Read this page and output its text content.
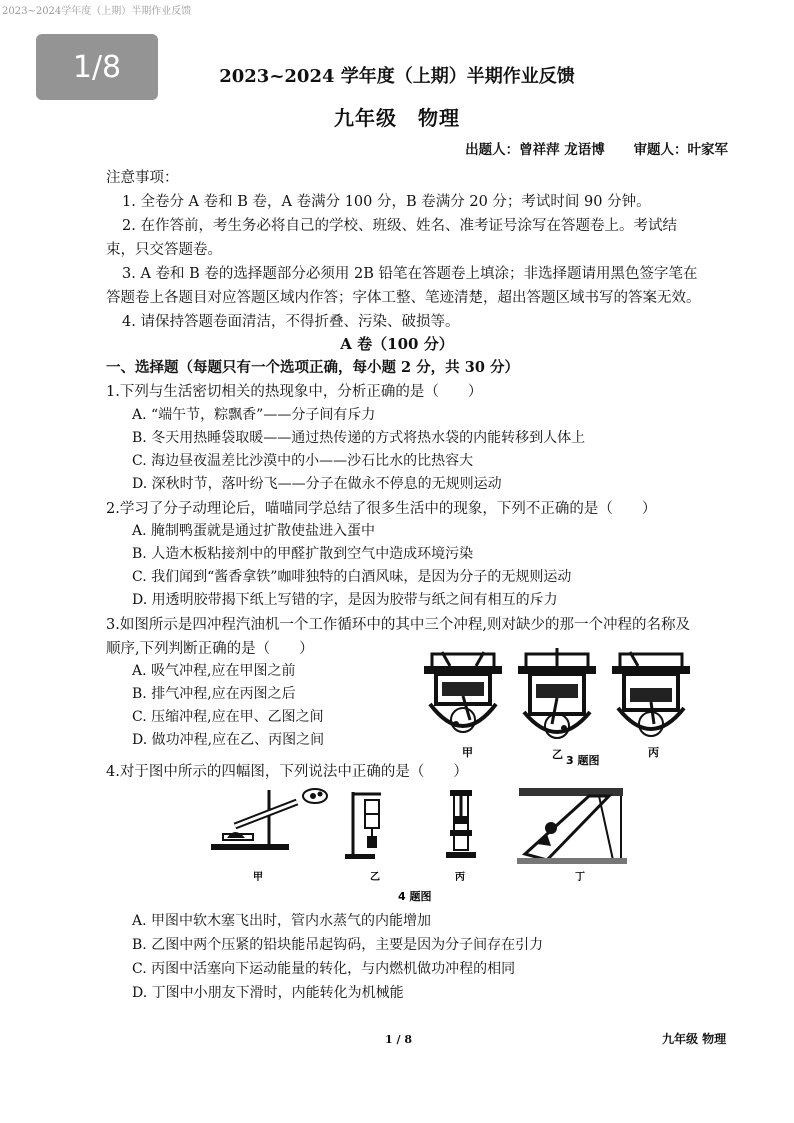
2023~2024学年度（上期）半期作业反馈
1/8	2023~2024 学年度（上期）半期作业反馈
九年级　物理
出题人：曾祥萍 龙语博 审题人：叶家军
注意事项：
1. 全卷分 A 卷和 B 卷，A 卷满分 100 分，B 卷满分 20 分；考试时间 90 分钟。
2. 在作答前，考生务必将自己的学校、班级、姓名、准考证号涂写在答题卷上。考试结
束，只交答题卷。
3. A 卷和 B 卷的选择题部分必须用 2B 铅笔在答题卷上填涂；非选择题请用黑色签字笔在
答题卷上各题目对应答题区域内作答；字体工整、笔迹清楚，超出答题区域书写的答案无效。
4. 请保持答题卷面清洁，不得折叠、污染、破损等。
A 卷（100 分）
一、选择题（每题只有一个选项正确，每小题 2 分，共 30 分）
1.下列与生活密切相关的热现象中，分析正确的是（　　）
A. “端午节，粽飘香”——分子间有斥力
B. 冬天用热睡袋取暖——通过热传递的方式将热水袋的内能转移到人体上
C. 海边昼夜温差比沙漠中的小——沙石比水的比热容大
D. 深秋时节，落叶纷飞——分子在做永不停息的无规则运动
2.学习了分子动理论后，喵喵同学总结了很多生活中的现象，下列不正确的是（　　）
A. 腌制鸭蛋就是通过扩散使盐进入蛋中
B. 人造木板粘接剂中的甲醛扩散到空气中造成环境污染
C. 我们闻到“酱香拿铁”咖啡独特的白酒风味，是因为分子的无规则运动
D. 用透明胶带揭下纸上写错的字，是因为胶带与纸之间有相互的斥力
3.如图所示是四冲程汽油机一个工作循环中的其中三个冲程,则对缺少的那一个冲程的名称及
顺序,下列判断正确的是（　　）
A. 吸气冲程,应在甲图之前
B. 排气冲程,应在丙图之后
C. 压缩冲程,应在甲、乙图之间
D. 做功冲程,应在乙、丙图之间
甲	乙 3 题图
丙
4.对于图中所示的四幅图，下列说法中正确的是（　　）
甲	乙	丙	丁
4 题图
A. 甲图中软木塞飞出时，管内水蒸气的内能增加
B. 乙图中两个压紧的铅块能吊起钩码，主要是因为分子间存在引力
C. 丙图中活塞向下运动能量的转化，与内燃机做功冲程的相同
D. 丁图中小朋友下滑时，内能转化为机械能
1 / 8	九年级 物理
